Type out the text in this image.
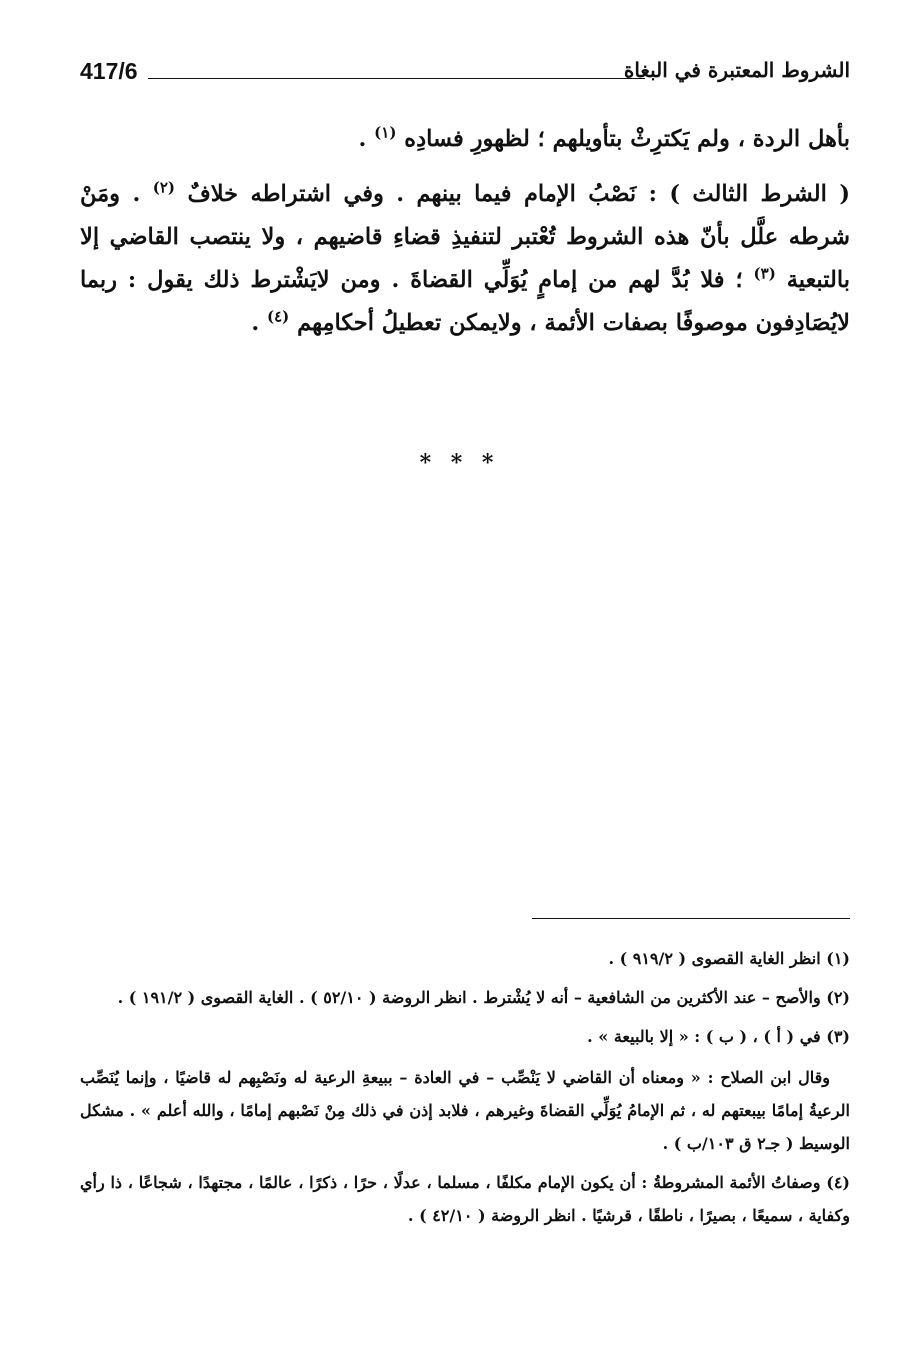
الشروط المعتبرة في البغاة
417/6

بأهل الردة ، ولم يَكترِثْ بتأويلهم ؛ لظهورِ فسادِه $^{(١)}$ .

( الشرط الثالث ) : نَصْبُ الإمام فيما بينهم . وفي اشتراطه خلافٌ $^{(٢)}$ . ومَنْ شرطه علَّل بأنّ هذه الشروط تُعْتبر لتنفيذِ قضاءِ قاضيهم ، ولا ينتصب القاضي إلا بالتبعية $^{(٣)}$ ؛ فلا بُدَّ لهم من إمامٍ يُوَلِّي القضاةَ . ومن لايَشْترط ذلك يقول : ربما لايُصَادِفون موصوفًا بصفات الأئمة ، ولايمكن تعطيلُ أحكامِهم $^{(٤)}$ .

* * *

(١) انظر الغاية القصوى ( ٩١٩/٢ ) .

(٢) والأصح – عند الأكثرين من الشافعية – أنه لا يُشْترط . انظر الروضة ( ٥٢/١٠ ) . الغاية القصوى ( ١٩١/٢ ) .

(٣) في ( أ ) ، ( ب ) : « إلا بالبيعة » .

وقال ابن الصلاح : « ومعناه أن القاضي لا يَنْصِّب – في العادة – ببيعةِ الرعية له ونَصْبِهم له قاضيًا ، وإنما يُنَصِّب الرعيةُ إمامًا بيبعتهم له ، ثم الإمامُ يُوَلِّي القضاةَ وغيرهم ، فلابد إذن في ذلك مِنْ نَصْبهم إمامًا ، والله أعلم » . مشكل الوسيط ( جـ٢ ق ١٠٣/ب ) .

(٤) وصفاتُ الأئمة المشروطةُ : أن يكون الإمام مكلفًا ، مسلما ، عدلًا ، حرًا ، ذكرًا ، عالمًا ، مجتهدًا ، شجاعًا ، ذا رأي وكفاية ، سميعًا ، بصيرًا ، ناطقًا ، قرشيًا . انظر الروضة ( ٤٢/١٠ ) .
